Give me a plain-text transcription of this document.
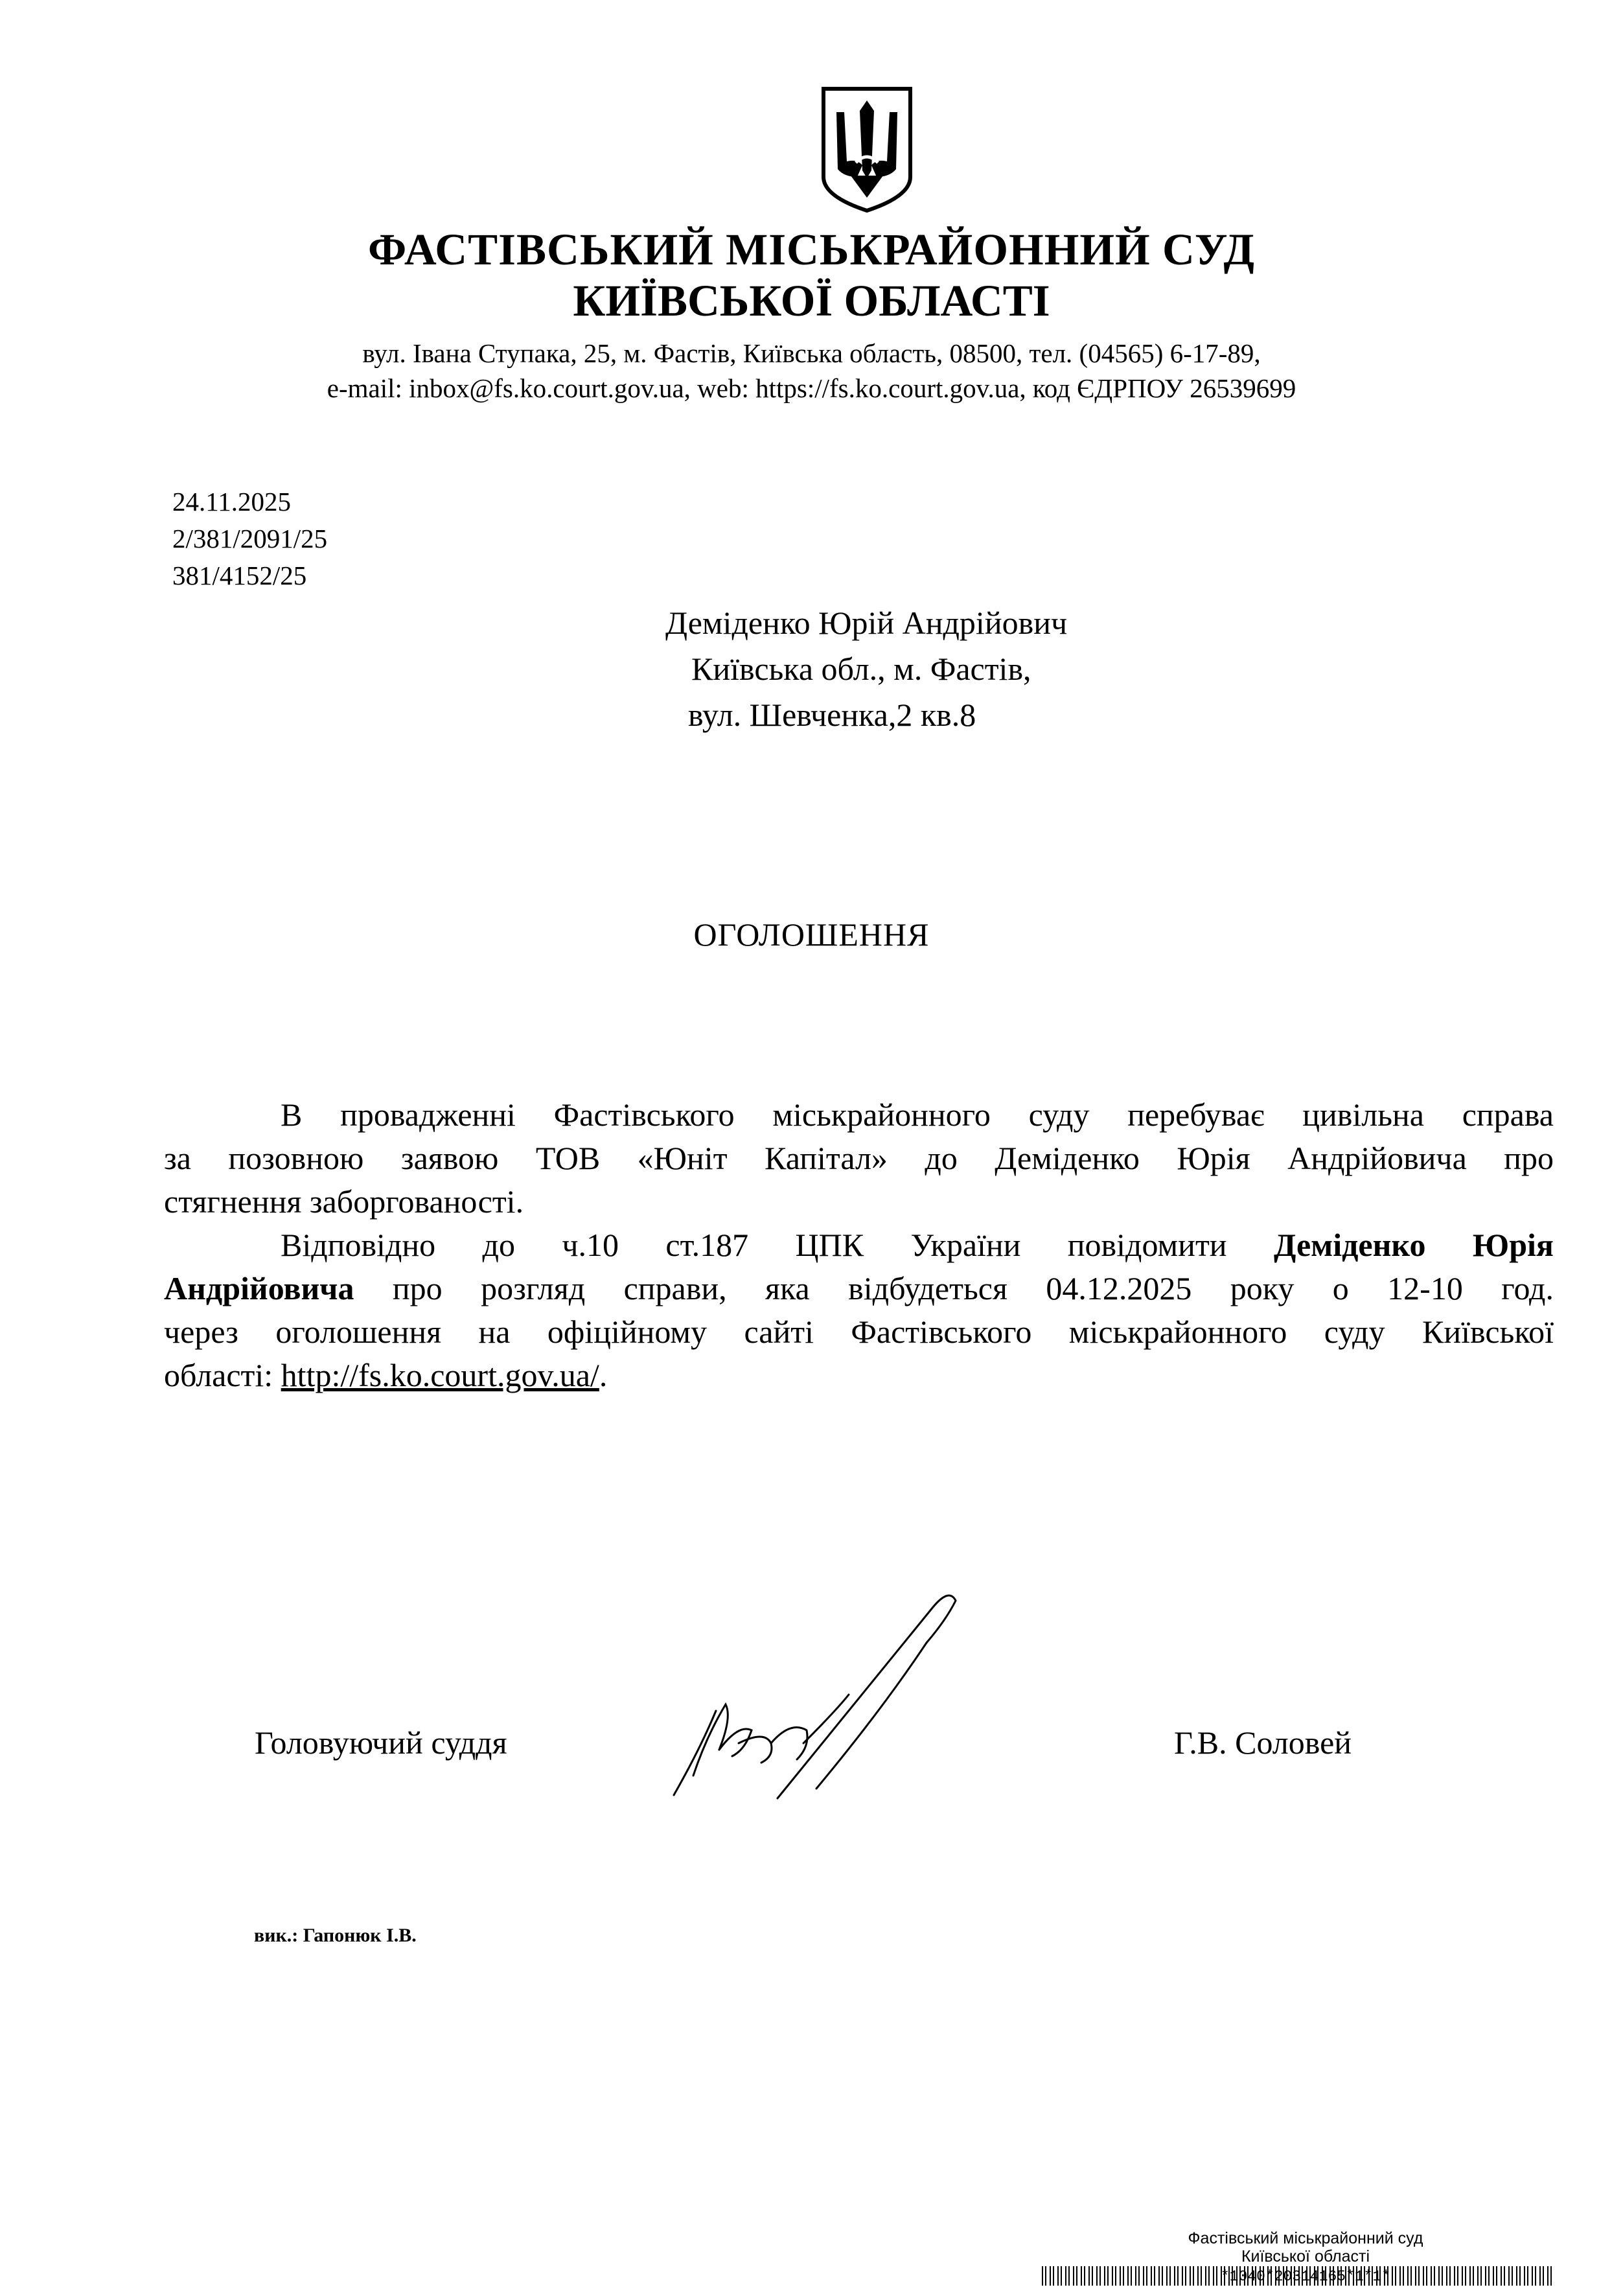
ФАСТІВСЬКИЙ МІСЬКРАЙОННИЙ СУД
КИЇВСЬКОЇ ОБЛАСТІ
вул. Івана Ступака, 25, м. Фастів, Київська область, 08500, тел. (04565) 6-17-89,
e-mail: inbox@fs.ko.court.gov.ua, web: https://fs.ko.court.gov.ua, код ЄДРПОУ 26539699
24.11.2025
2/381/2091/25
381/4152/25
Деміденко Юрій Андрійович
Київська обл., м. Фастів,
вул. Шевченка,2 кв.8
ОГОЛОШЕННЯ

В провадженні Фастівського міськрайонного суду перебуває цивільна справа

за позовною заявою ТОВ «Юніт Капітал» до Деміденко Юрія Андрійовича про

стягнення заборгованості.

Відповідно до ч.10 ст.187 ЦПК України повідомити Деміденко Юрія

Андрійовича про розгляд справи, яка відбудеться 04.12.2025 року о 12-10 год.

через оголошення на офіційному сайті Фастівського міськрайонного суду Київської

області: http://fs.ko.court.gov.ua/.

Головуючий суддя	Г.В. Соловей
вик.: Гапонюк І.В.
Фастівський міськрайонний суд
Київської області
*1040*20314165*1*1*
